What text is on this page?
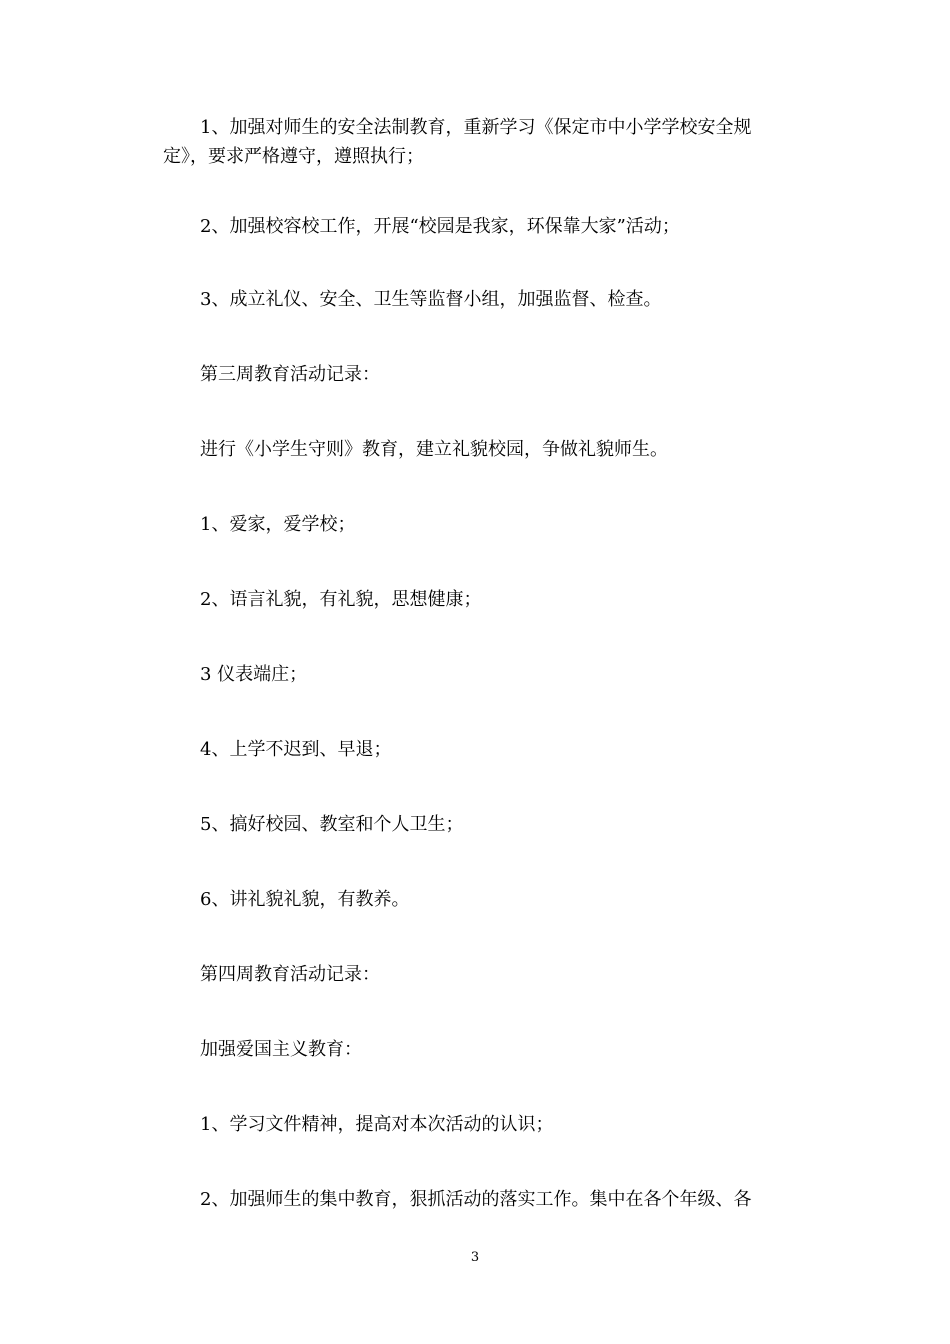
1、加强对师生的安全法制教育，重新学习《保定市中小学学校安全规定》，要求严格遵守，遵照执行；

2、加强校容校工作，开展“校园是我家，环保靠大家”活动；

3、成立礼仪、安全、卫生等监督小组，加强监督、检查。

第三周教育活动记录：

进行《小学生守则》教育，建立礼貌校园，争做礼貌师生。

1、爱家，爱学校；

2、语言礼貌，有礼貌，思想健康；

3 仪表端庄；

4、上学不迟到、早退；

5、搞好校园、教室和个人卫生；

6、讲礼貌礼貌，有教养。

第四周教育活动记录：

加强爱国主义教育：

1、学习文件精神，提高对本次活动的认识；

2、加强师生的集中教育，狠抓活动的落实工作。集中在各个年级、各

3
